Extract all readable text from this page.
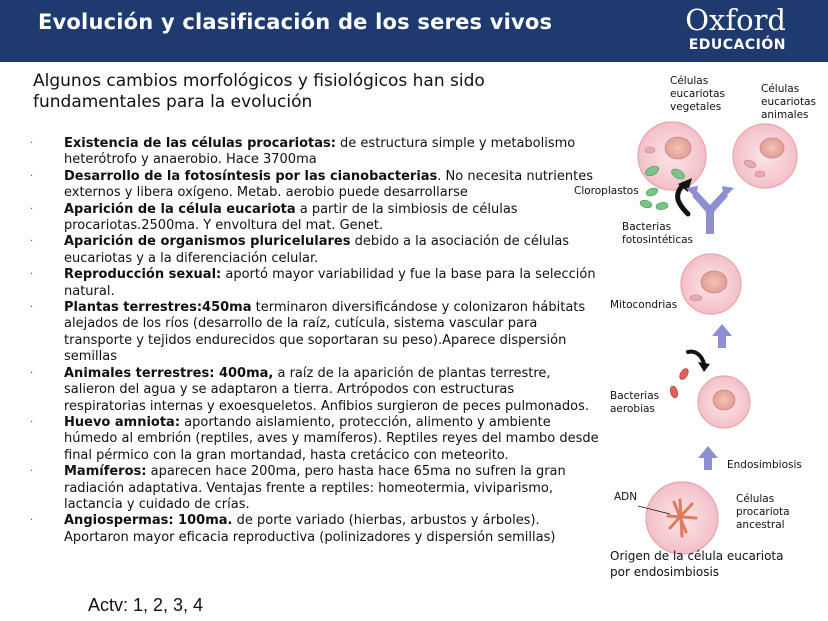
Evolución y clasificación de los seres vivos	Oxford
EDUCACIÓN
Algunos cambios morfológicos y fisiológicos han sido
fundamentales para la evolución
· Existencia de las células procariotas: de estructura simple y metabolismo heterótrofo y anaerobio. Hace 3700ma
· Desarrollo de la fotosíntesis por las cianobacterias. No necesita nutrientes externos y libera oxígeno. Metab. aerobio puede desarrollarse
· Aparición de la célula eucariota a partir de la simbiosis de células procariotas.2500ma. Y envoltura del mat. Genet.
· Aparición de organismos pluricelulares debido a la asociación de células eucariotas y a la diferenciación celular.
· Reproducción sexual: aportó mayor variabilidad y fue la base para la selección natural.
· Plantas terrestres:450ma terminaron diversificándose y colonizaron hábitats alejados de los ríos (desarrollo de la raíz, cutícula, sistema vascular para transporte y tejidos endurecidos que soportaran su peso).Aparece dispersión semillas
· Animales terrestres: 400ma, a raíz de la aparición de plantas terrestre, salieron del agua y se adaptaron a tierra. Artrópodos con estructuras respiratorias internas y exoesqueletos. Anfibios surgieron de peces pulmonados.
· Huevo amniota: aportando aislamiento, protección, alimento y ambiente húmedo al embrión (reptiles, aves y mamíferos). Reptiles reyes del mambo desde final pérmico con la gran mortandad, hasta cretácico con meteorito.
· Mamíferos: aparecen hace 200ma, pero hasta hace 65ma no sufren la gran radiación adaptativa. Ventajas frente a reptiles: homeotermia, viviparismo, lactancia y cuidado de crías.
· Angiospermas: 100ma. de porte variado (hierbas, arbustos y árboles). Aportaron mayor eficacia reproductiva (polinizadores y dispersión semillas)
Actv: 1, 2, 3, 4
Células
eucariotas
vegetales
Células
eucariotas
animales
Cloroplastos
Bacterias
fotosintéticas
Mitocondrias
Bacterias
aerobias
Endosimbiosis
ADN	Células
procariota
ancestral
Origen de la célula eucariota
por endosimbiosis
